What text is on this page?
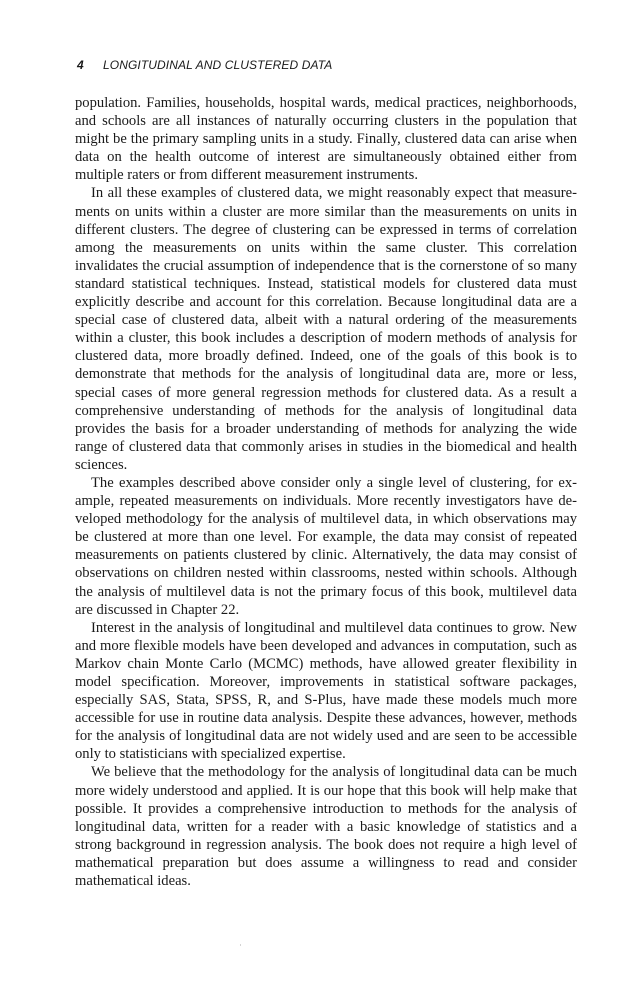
4 LONGITUDINAL AND CLUSTERED DATA

population. Families, households, hospital wards, medical practices, neighborhoods, and schools are all instances of naturally occurring clusters in the population that might be the primary sampling units in a study. Finally, clustered data can arise when data on the health outcome of interest are simultaneously obtained either from multiple raters or from different measurement instruments.

In all these examples of clustered data, we might reasonably expect that measurements on units within a cluster are more similar than the measurements on units in different clusters. The degree of clustering can be expressed in terms of correlation among the measurements on units within the same cluster. This correlation invalidates the crucial assumption of independence that is the cornerstone of so many standard statistical techniques. Instead, statistical models for clustered data must explicitly describe and account for this correlation. Because longitudinal data are a special case of clustered data, albeit with a natural ordering of the measurements within a cluster, this book includes a description of modern methods of analysis for clustered data, more broadly defined. Indeed, one of the goals of this book is to demonstrate that methods for the analysis of longitudinal data are, more or less, special cases of more general regression methods for clustered data. As a result a comprehensive understanding of methods for the analysis of longitudinal data provides the basis for a broader understanding of methods for analyzing the wide range of clustered data that commonly arises in studies in the biomedical and health sciences.

The examples described above consider only a single level of clustering, for example, repeated measurements on individuals. More recently investigators have developed methodology for the analysis of multilevel data, in which observations may be clustered at more than one level. For example, the data may consist of repeated measurements on patients clustered by clinic. Alternatively, the data may consist of observations on children nested within classrooms, nested within schools. Although the analysis of multilevel data is not the primary focus of this book, multilevel data are discussed in Chapter 22.

Interest in the analysis of longitudinal and multilevel data continues to grow. New and more flexible models have been developed and advances in computation, such as Markov chain Monte Carlo (MCMC) methods, have allowed greater flexibility in model specification. Moreover, improvements in statistical software packages, especially SAS, Stata, SPSS, R, and S-Plus, have made these models much more accessible for use in routine data analysis. Despite these advances, however, methods for the analysis of longitudinal data are not widely used and are seen to be accessible only to statisticians with specialized expertise.

We believe that the methodology for the analysis of longitudinal data can be much more widely understood and applied. It is our hope that this book will help make that possible. It provides a comprehensive introduction to methods for the analysis of longitudinal data, written for a reader with a basic knowledge of statistics and a strong background in regression analysis. The book does not require a high level of mathematical preparation but does assume a willingness to read and consider mathematical ideas.
